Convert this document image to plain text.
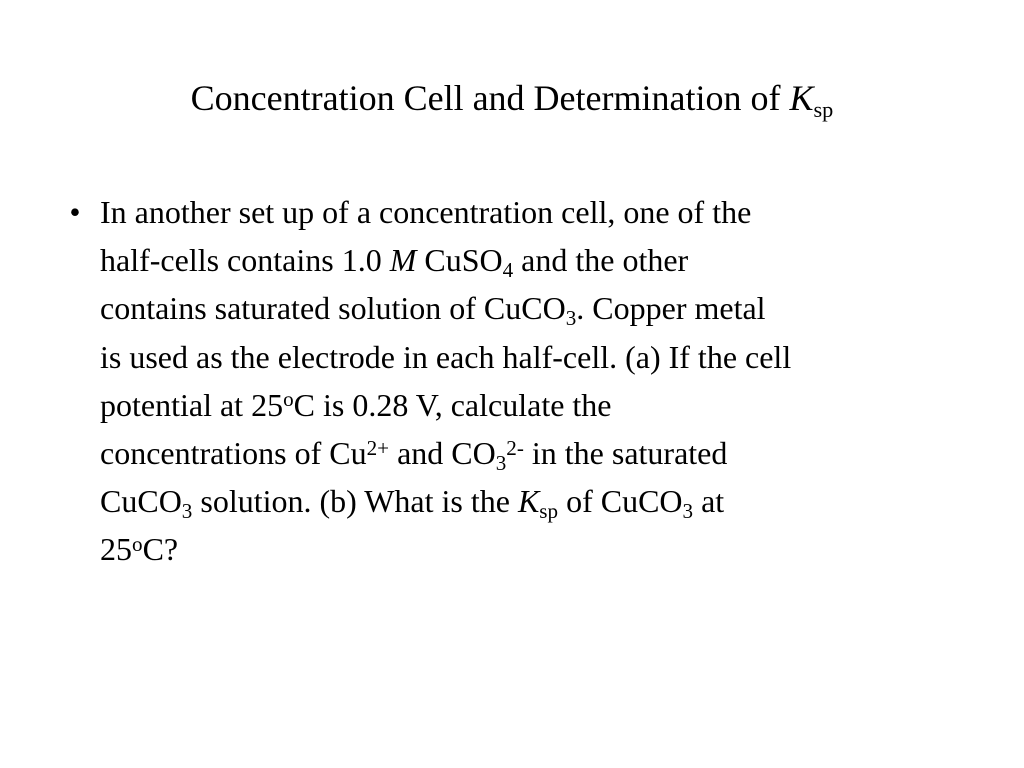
Concentration Cell and Determination of $K_{sp}$
• In another set up of a concentration cell, one of the
half-cells contains 1.0 M CuSO$_4$ and the other
contains saturated solution of CuCO$_3$. Copper metal
is used as the electrode in each half-cell. (a) If the cell
potential at 25$^o$C is 0.28 V, calculate the
concentrations of $Cu^{2+}$ and $CO_3^{2-}$ in the saturated
CuCO$_3$ solution. (b) What is the $K_{sp}$ of CuCO$_3$ at
25$^o$C?
